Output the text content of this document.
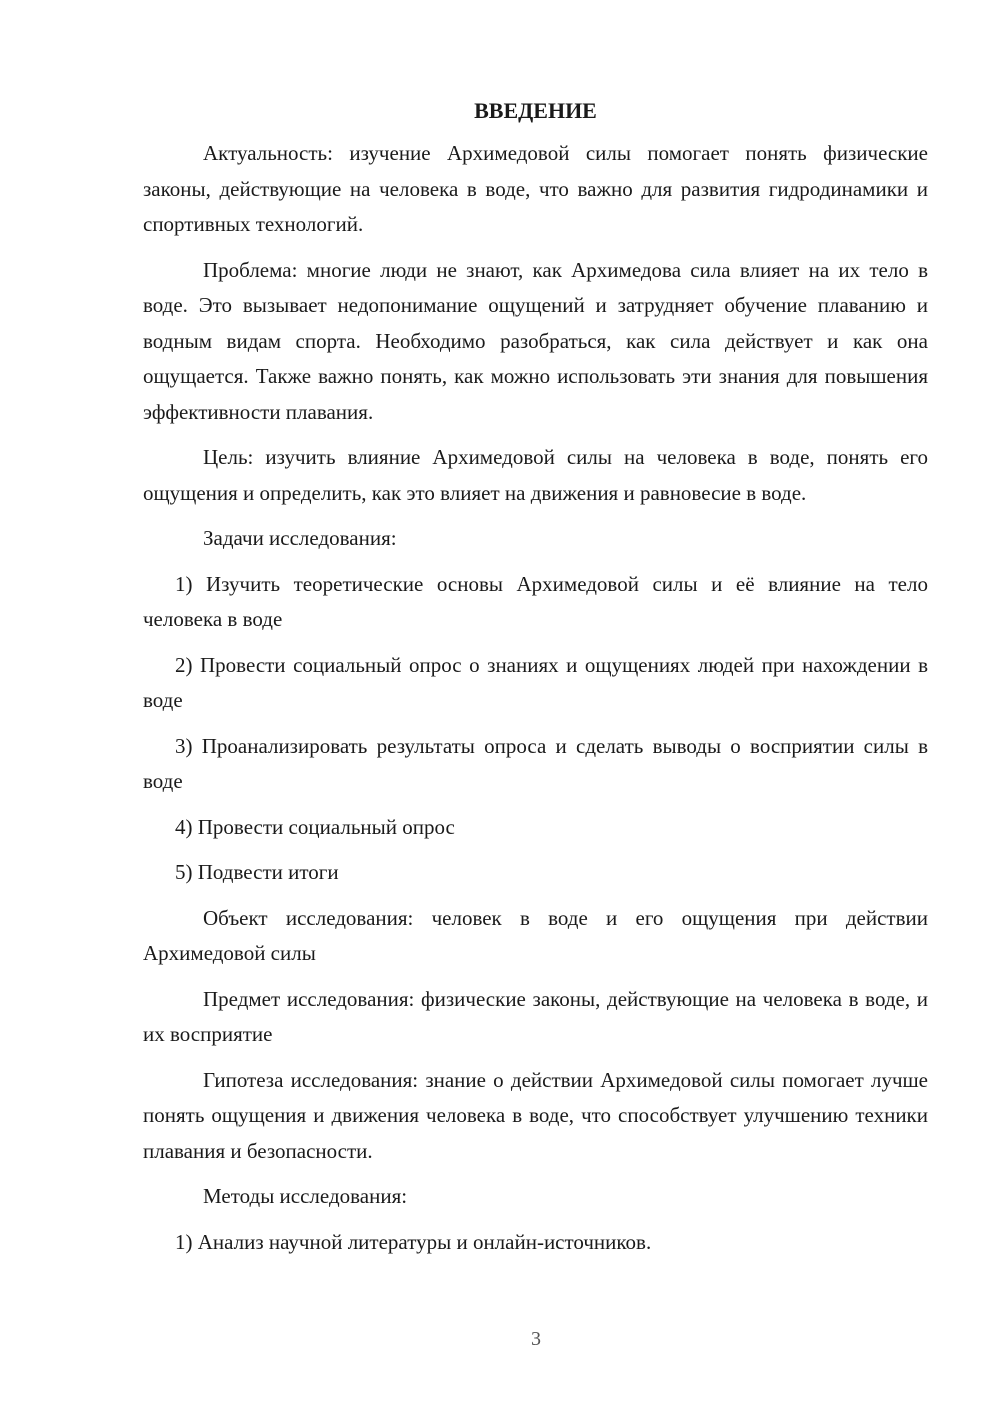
ВВЕДЕНИЕ

Актуальность: изучение Архимедовой силы помогает понять физические законы, действующие на человека в воде, что важно для развития гидродинамики и спортивных технологий.

Проблема: многие люди не знают, как Архимедова сила влияет на их тело в воде. Это вызывает недопонимание ощущений и затрудняет обучение плаванию и водным видам спорта. Необходимо разобраться, как сила действует и как она ощущается. Также важно понять, как можно использовать эти знания для повышения эффективности плавания.

Цель: изучить влияние Архимедовой силы на человека в воде, понять его ощущения и определить, как это влияет на движения и равновесие в воде.

Задачи исследования:

1) Изучить теоретические основы Архимедовой силы и её влияние на тело человека в воде

2) Провести социальный опрос о знаниях и ощущениях людей при нахождении в воде

3) Проанализировать результаты опроса и сделать выводы о восприятии силы в воде

4) Провести социальный опрос

5) Подвести итоги

Объект исследования: человек в воде и его ощущения при действии Архимедовой силы

Предмет исследования: физические законы, действующие на человека в воде, и их восприятие

Гипотеза исследования: знание о действии Архимедовой силы помогает лучше понять ощущения и движения человека в воде, что способствует улучшению техники плавания и безопасности.

Методы исследования:

1) Анализ научной литературы и онлайн-источников.

3
